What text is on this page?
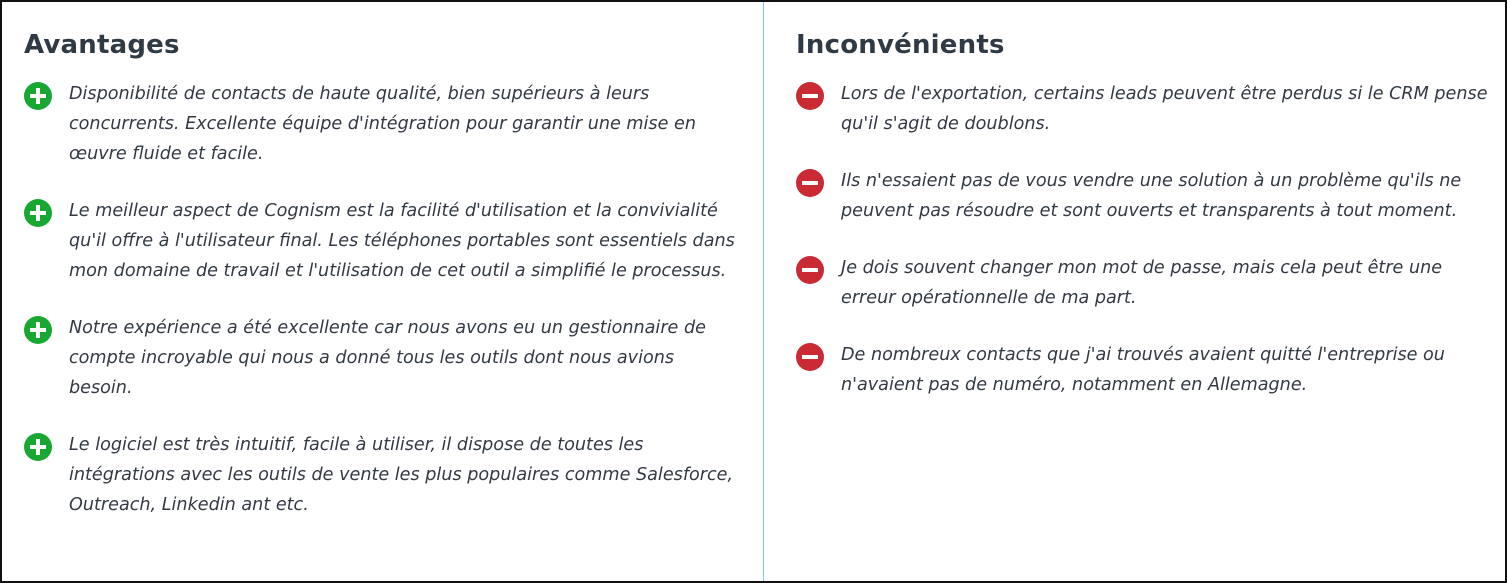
Avantages
Disponibilité de contacts de haute qualité, bien supérieurs à leurs concurrents. Excellente équipe d'intégration pour garantir une mise en œuvre fluide et facile.
Le meilleur aspect de Cognism est la facilité d'utilisation et la convivialité qu'il offre à l'utilisateur final. Les téléphones portables sont essentiels dans mon domaine de travail et l'utilisation de cet outil a simplifié le processus.
Notre expérience a été excellente car nous avons eu un gestionnaire de compte incroyable qui nous a donné tous les outils dont nous avions besoin.
Le logiciel est très intuitif, facile à utiliser, il dispose de toutes les intégrations avec les outils de vente les plus populaires comme Salesforce, Outreach, Linkedin ant etc.
Inconvénients
Lors de l'exportation, certains leads peuvent être perdus si le CRM pense qu'il s'agit de doublons.
Ils n'essaient pas de vous vendre une solution à un problème qu'ils ne peuvent pas résoudre et sont ouverts et transparents à tout moment.
Je dois souvent changer mon mot de passe, mais cela peut être une erreur opérationnelle de ma part.
De nombreux contacts que j'ai trouvés avaient quitté l'entreprise ou n'avaient pas de numéro, notamment en Allemagne.
